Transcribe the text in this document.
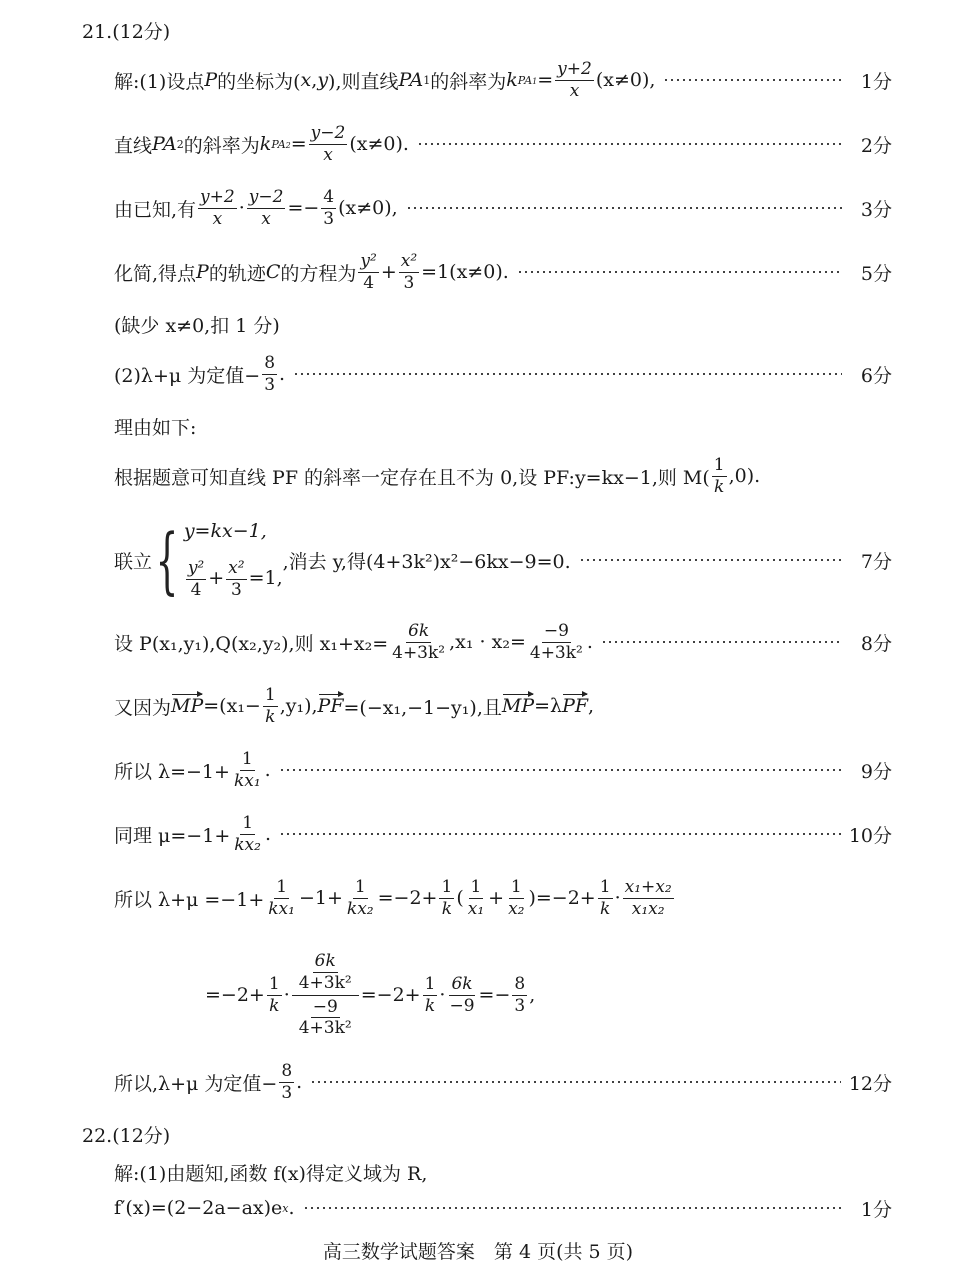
21.(12分)
解:(1)设点 P 的坐标为( x , y ),则直线 PA 1 的斜率为 k $PA1 = \frac{y+2}{x} (x\ne 0)$,	1分
直线 PA 2 的斜率为 k $PA2 = \frac{y-2}{x} (x\ne 0)$.	2分
由已知,有 $\frac{y+2}{x} \cdot \frac{y-2}{x} =- \frac{4}{3} (x\ne 0)$,	3分
化简,得点 P 的轨迹 C 的方程为 $\frac{\text{y²}}{4} + \frac{\text{x²}}{3} =1(x\ne 0)$.	5分
(缺少 x≠0,扣 1 分)
(2)λ+μ 为定值− $\frac{8}{3}$ .	6分
理由如下:
根据题意可知直线 PF 的斜率一定存在且不为 0,设 PF:y=kx−1,则 $M( \frac{1}{k} ,0)$.
联立 { y=kx−1,
$\frac{\text{y²}}{4} + \frac{\text{x²}}{3} =1$,
,消去 y,得(4+3k²)x²−6kx−9=0.	7分
设 P(x₁,y₁),Q(x₂,y₂),则 $x_1+x_2= \frac{6k}{\text{4+3k²}} ,x_1 \cdot x_2= \frac{-9}{\text{4+3k²}}$ .	8分
又因为 MP $=(x_1- \frac{1}{k} ,y_1)$, PF =(−x₁,−1−y₁),且 MP =λ PF ,
所以 $\lambda=-1+ \frac{1}{\text{kx₁}}$ .	9分
同理 $\mu=-1+ \frac{1}{\text{kx₂}}$ .	10分
所以 $\lambda+\mu =-1+ \frac{1}{\text{kx₁}} -1+ \frac{1}{\text{kx₂}} =-2+ \frac{1}{k}$ ( $\frac{1}{\text{x₁}} + \frac{1}{\text{x₂}} )=-2+ \frac{1}{k} \cdot \frac{\text{x₁+x₂}}{\text{x₁x₂}}$
$=-2+ \frac{1}{k} \cdot \frac{\frac{6k}{\text{4+3k²}}}{\frac{-9}{\text{4+3k²}}} =-2+ \frac{1}{k} \cdot \frac{6k}{-9} =- \frac{8}{3}$ ,
所以,λ+μ 为定值− $\frac{8}{3}$ .	12分
22.(12分)
解:(1)由题知,函数 f(x)得定义域为 R,
f′(x)=(2−2a−ax)e x .	1分
高三数学试题答案　第 4 页(共 5 页)
